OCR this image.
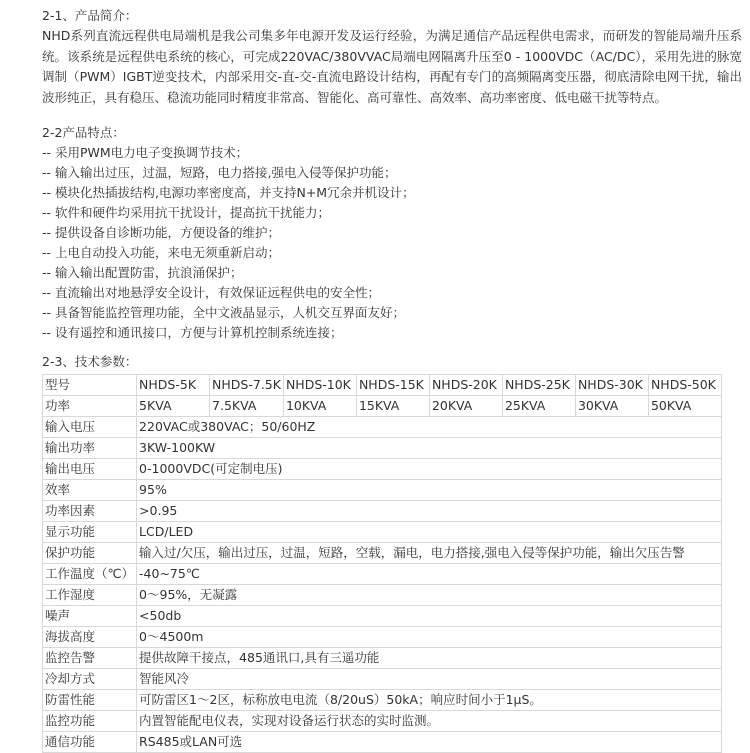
2-1、产品简介：
NHD系列直流远程供电局端机是我公司集多年电源开发及运行经验，为满足通信产品远程供电需求，而研发的智能局端升压系统。该系统是远程供电系统的核心，可完成220VAC/380VVAC局端电网隔离升压至0 - 1000VDC（AC/DC），采用先进的脉宽调制（PWM）IGBT逆变技术，内部采用交-直-交-直流电路设计结构，再配有专门的高频隔离变压器，彻底清除电网干扰，输出波形纯正，具有稳压、稳流功能同时精度非常高、智能化、高可靠性、高效率、高功率密度、低电磁干扰等特点。
2-2产品特点：
-- 采用PWM电力电子变换调节技术；
-- 输入输出过压，过温，短路，电力搭接,强电入侵等保护功能；
-- 模块化热插拔结构,电源功率密度高，并支持N+M冗余并机设计；
-- 软件和硬件均采用抗干扰设计，提高抗干扰能力；
-- 提供设备自诊断功能，方便设备的维护；
-- 上电自动投入功能，来电无须重新启动；
-- 输入输出配置防雷，抗浪涌保护；
-- 直流输出对地悬浮安全设计，有效保证远程供电的安全性；
-- 具备智能监控管理功能，全中文液晶显示，人机交互界面友好；
-- 设有遥控和通讯接口，方便与计算机控制系统连接；
2-3、技术参数：
型号	NHDS-5K	NHDS-7.5K	NHDS-10K	NHDS-15K	NHDS-20K	NHDS-25K	NHDS-30K	NHDS-50K
功率	5KVA	7.5KVA	10KVA	15KVA	20KVA	25KVA	30KVA	50KVA
输入电压	220VAC或380VAC；50/60HZ							
输出功率	3KW-100KW							
输出电压	0-1000VDC(可定制电压)							
效率	95%							
功率因素	>0.95							
显示功能	LCD/LED							
保护功能	输入过/欠压，输出过压，过温，短路，空载，漏电，电力搭接,强电入侵等保护功能，输出欠压告警							
工作温度（℃）	-40~75℃							
工作湿度	0～95%，无凝露							
噪声	<50db							
海拔高度	0～4500m							
监控告警	提供故障干接点，485通讯口,具有三遥功能							
冷却方式	智能风冷							
防雷性能	可防雷区1～2区，标称放电电流（8/20uS）50kA；响应时间小于1μS。							
监控功能	内置智能配电仪表，实现对设备运行状态的实时监测。							
通信功能	RS485或LAN可选							
